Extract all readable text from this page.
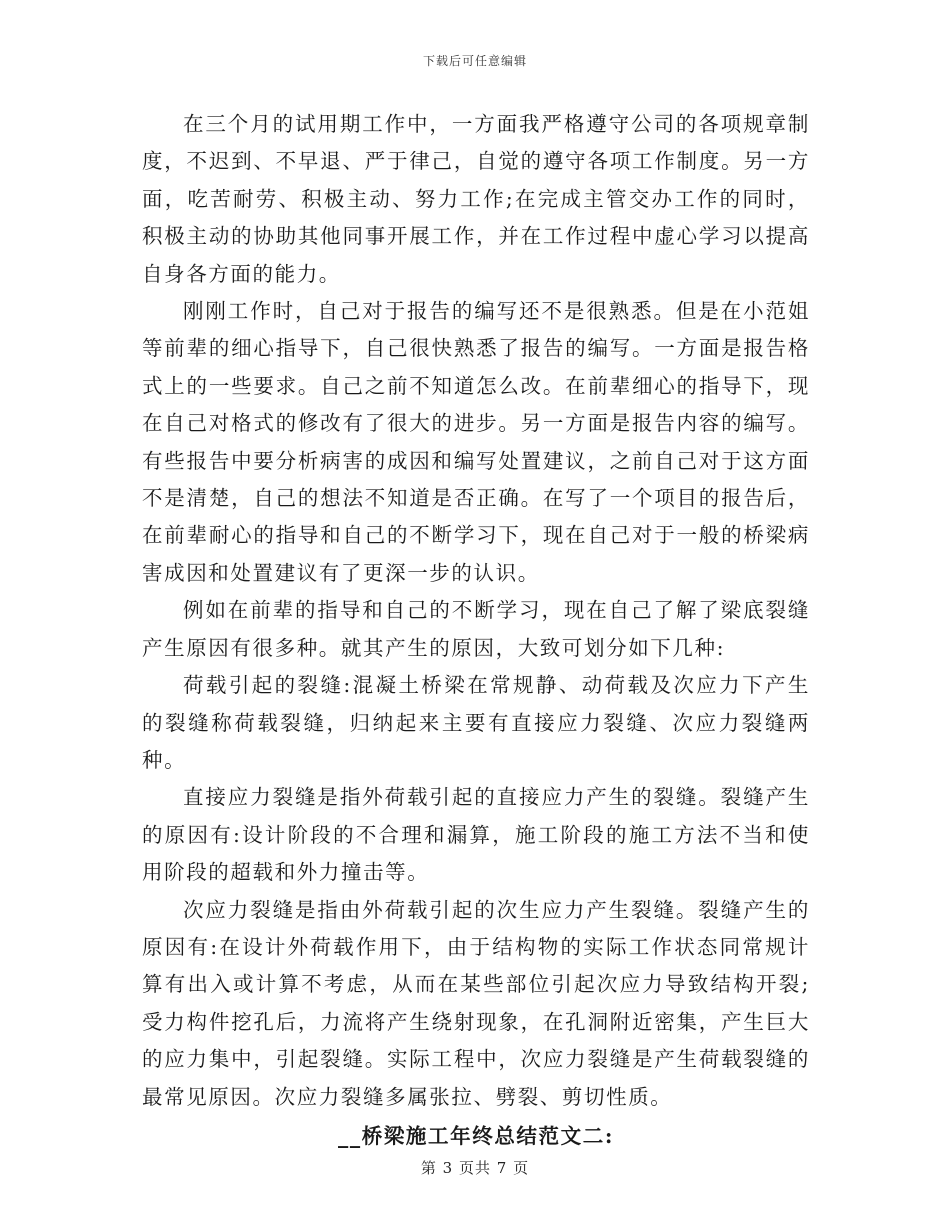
下载后可任意编辑

在三个月的试用期工作中，一方面我严格遵守公司的各项规章制度，不迟到、不早退、严于律己，自觉的遵守各项工作制度。另一方面，吃苦耐劳、积极主动、努力工作;在完成主管交办工作的同时，积极主动的协助其他同事开展工作，并在工作过程中虚心学习以提高自身各方面的能力。

刚刚工作时，自己对于报告的编写还不是很熟悉。但是在小范姐等前辈的细心指导下，自己很快熟悉了报告的编写。一方面是报告格式上的一些要求。自己之前不知道怎么改。在前辈细心的指导下，现在自己对格式的修改有了很大的进步。另一方面是报告内容的编写。有些报告中要分析病害的成因和编写处置建议，之前自己对于这方面不是清楚，自己的想法不知道是否正确。在写了一个项目的报告后，在前辈耐心的指导和自己的不断学习下，现在自己对于一般的桥梁病害成因和处置建议有了更深一步的认识。

例如在前辈的指导和自己的不断学习，现在自己了解了梁底裂缝产生原因有很多种。就其产生的原因，大致可划分如下几种:

荷载引起的裂缝:混凝土桥梁在常规静、动荷载及次应力下产生的裂缝称荷载裂缝，归纳起来主要有直接应力裂缝、次应力裂缝两种。

直接应力裂缝是指外荷载引起的直接应力产生的裂缝。裂缝产生的原因有:设计阶段的不合理和漏算，施工阶段的施工方法不当和使用阶段的超载和外力撞击等。

次应力裂缝是指由外荷载引起的次生应力产生裂缝。裂缝产生的原因有:在设计外荷载作用下，由于结构物的实际工作状态同常规计算有出入或计算不考虑，从而在某些部位引起次应力导致结构开裂;受力构件挖孔后，力流将产生绕射现象，在孔洞附近密集，产生巨大的应力集中，引起裂缝。实际工程中，次应力裂缝是产生荷载裂缝的最常见原因。次应力裂缝多属张拉、劈裂、剪切性质。

__桥梁施工年终总结范文二:

第 3 页共 7 页
